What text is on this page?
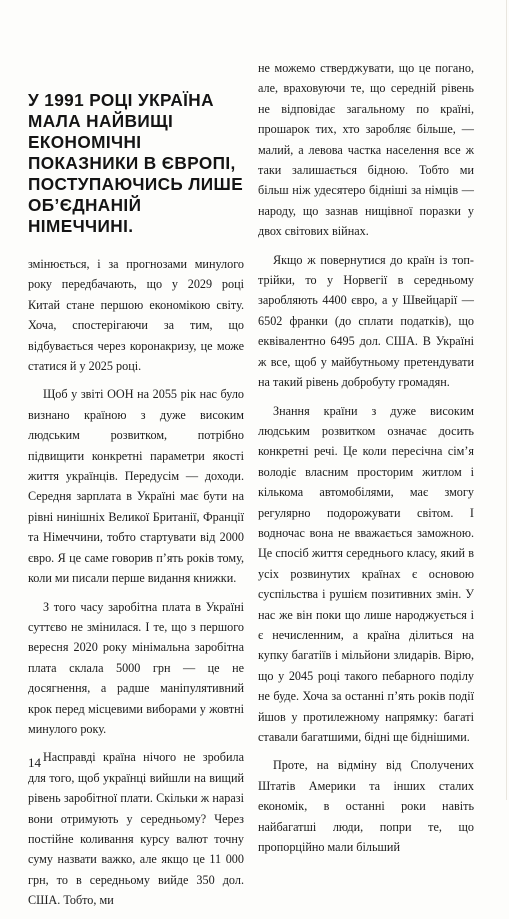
У 1991 РОЦІ УКРАЇНА МАЛА НАЙВИЩІ ЕКОНОМІЧНІ ПОКАЗНИКИ В ЄВРОПІ, ПОСТУПАЮЧИСЬ ЛИШЕ ОБ’ЄДНАНІЙ НІМЕЧЧИНІ.

змінюється, і за прогнозами минулого року передбачають, що у 2029 році Китай стане першою економікою світу. Хоча, спостерігаючи за тим, що відбувається через коронакризу, це може статися й у 2025 році.

Щоб у звіті ООН на 2055 рік нас було визнано країною з дуже високим людським розвитком, потрібно підвищити конкретні параметри якості життя українців. Передусім — доходи. Середня зарплата в Україні має бути на рівні нинішніх Великої Британії, Франції та Німеччини, тобто стартувати від 2000 євро. Я це саме говорив п’ять років тому, коли ми писали перше видання книжки.

З того часу заробітна плата в Україні суттєво не змінилася. І те, що з першого вересня 2020 року мінімальна заробітна плата склала 5000 грн — це не досягнення, а радше маніпулятивний крок перед місцевими виборами у жовтні минулого року.

Насправді країна нічого не зробила для того, щоб українці вийшли на вищий рівень заробітної плати. Скільки ж наразі вони отримують у середньому? Через постійне коливання курсу валют точну суму назвати важко, але якщо це 11 000 грн, то в середньому вийде 350 дол. США. Тобто, ми

не можемо стверджувати, що це погано, але, враховуючи те, що середній рівень не відповідає загальному по країні, прошарок тих, хто заробляє більше, — малий, а левова частка населення все ж таки залишається бідною. Тобто ми більш ніж удесятеро бідніші за німців — народу, що зазнав нищівної поразки у двох світових війнах.

Якщо ж повернутися до країн із топ-трійки, то у Норвегії в середньому заробляють 4400 євро, а у Швейцарії — 6502 франки (до сплати податків), що еквівалентно 6495 дол. США. В Україні ж все, щоб у майбутньому претендувати на такий рівень добробуту громадян.

Знання країни з дуже високим людським розвитком означає досить конкретні речі. Це коли пересічна сім’я володіє власним просторим житлом і кількома автомобілями, має змогу регулярно подорожувати світом. І водночас вона не вважається заможною. Це спосіб життя середнього класу, який в усіх розвинутих країнах є основою суспільства і рушієм позитивних змін. У нас же він поки що лише народжується і є нечисленним, а країна ділиться на купку багатіїв і мільйони злидарів. Вірю, що у 2045 році такого пебарного поділу не буде. Хоча за останні п’ять років події йшов у протилежному напрямку: багаті ставали багатшими, бідні ще біднішими.

Проте, на відміну від Сполучених Штатів Америки та інших сталих економік, в останні роки навіть найбагатші люди, попри те, що пропорційно мали більший

14
